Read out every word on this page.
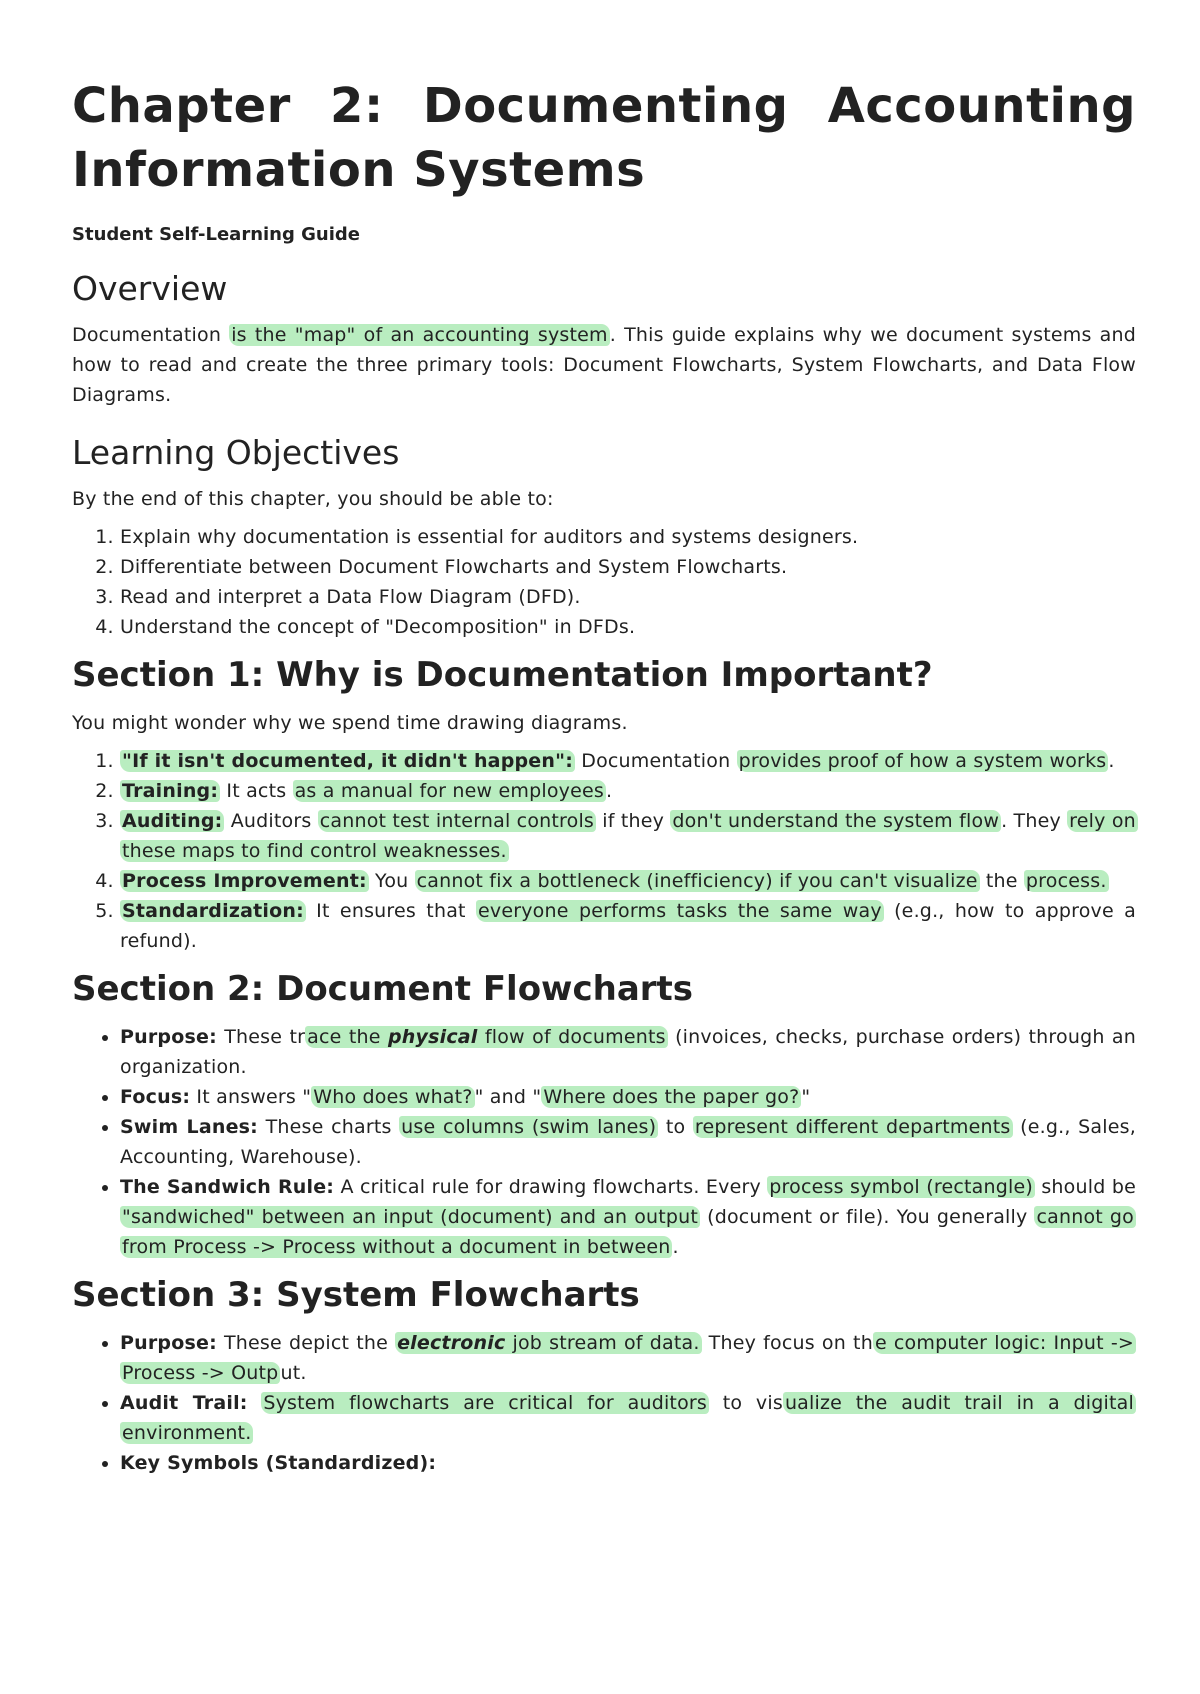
Chapter 2: Documenting Accounting Information Systems
Student Self-Learning Guide
Overview

Documentation is the "map" of an accounting system . This guide explains why we document systems and how to read and create the three primary tools: Document Flowcharts, System Flowcharts, and Data Flow Diagrams.

Learning Objectives

By the end of this chapter, you should be able to:

1. Explain why documentation is essential for auditors and systems designers.
2. Differentiate between Document Flowcharts and System Flowcharts.
3. Read and interpret a Data Flow Diagram (DFD).
4. Understand the concept of "Decomposition" in DFDs.
Section 1: Why is Documentation Important?

You might wonder why we spend time drawing diagrams.

1. "If it isn't documented, it didn't happen": Documentation provides proof of how a system works .
2. Training: It acts as a manual for new employees .
3. Auditing: Auditors cannot test internal controls if they don't understand the system flow . They rely on these maps to find control weaknesses.
4. Process Improvement: You cannot fix a bottleneck (inefficiency) if you can't visualize the process.
5. Standardization: It ensures that everyone performs tasks the same way (e.g., how to approve a refund).
Section 2: Document Flowcharts
• Purpose: These tr ace the physical flow of documents (invoices, checks, purchase orders) through an organization.
• Focus: It answers " Who does what? " and " Where does the paper go? "
• Swim Lanes: These charts use columns (swim lanes) to represent different departments (e.g., Sales, Accounting, Warehouse).
• The Sandwich Rule: A critical rule for drawing flowcharts. Every process symbol (rectangle) should be "sandwiched" between an input (document) and an output (document or file). You generally cannot go from Process -> Process without a document in between .
Section 3: System Flowcharts
• Purpose: These depict the electronic job stream of data. They focus on th e computer logic: Input -> Process -> Outp ut.
• Audit Trail: System flowcharts are critical for auditors to vis ualize the audit trail in a digital environment.
• Key Symbols (Standardized):
